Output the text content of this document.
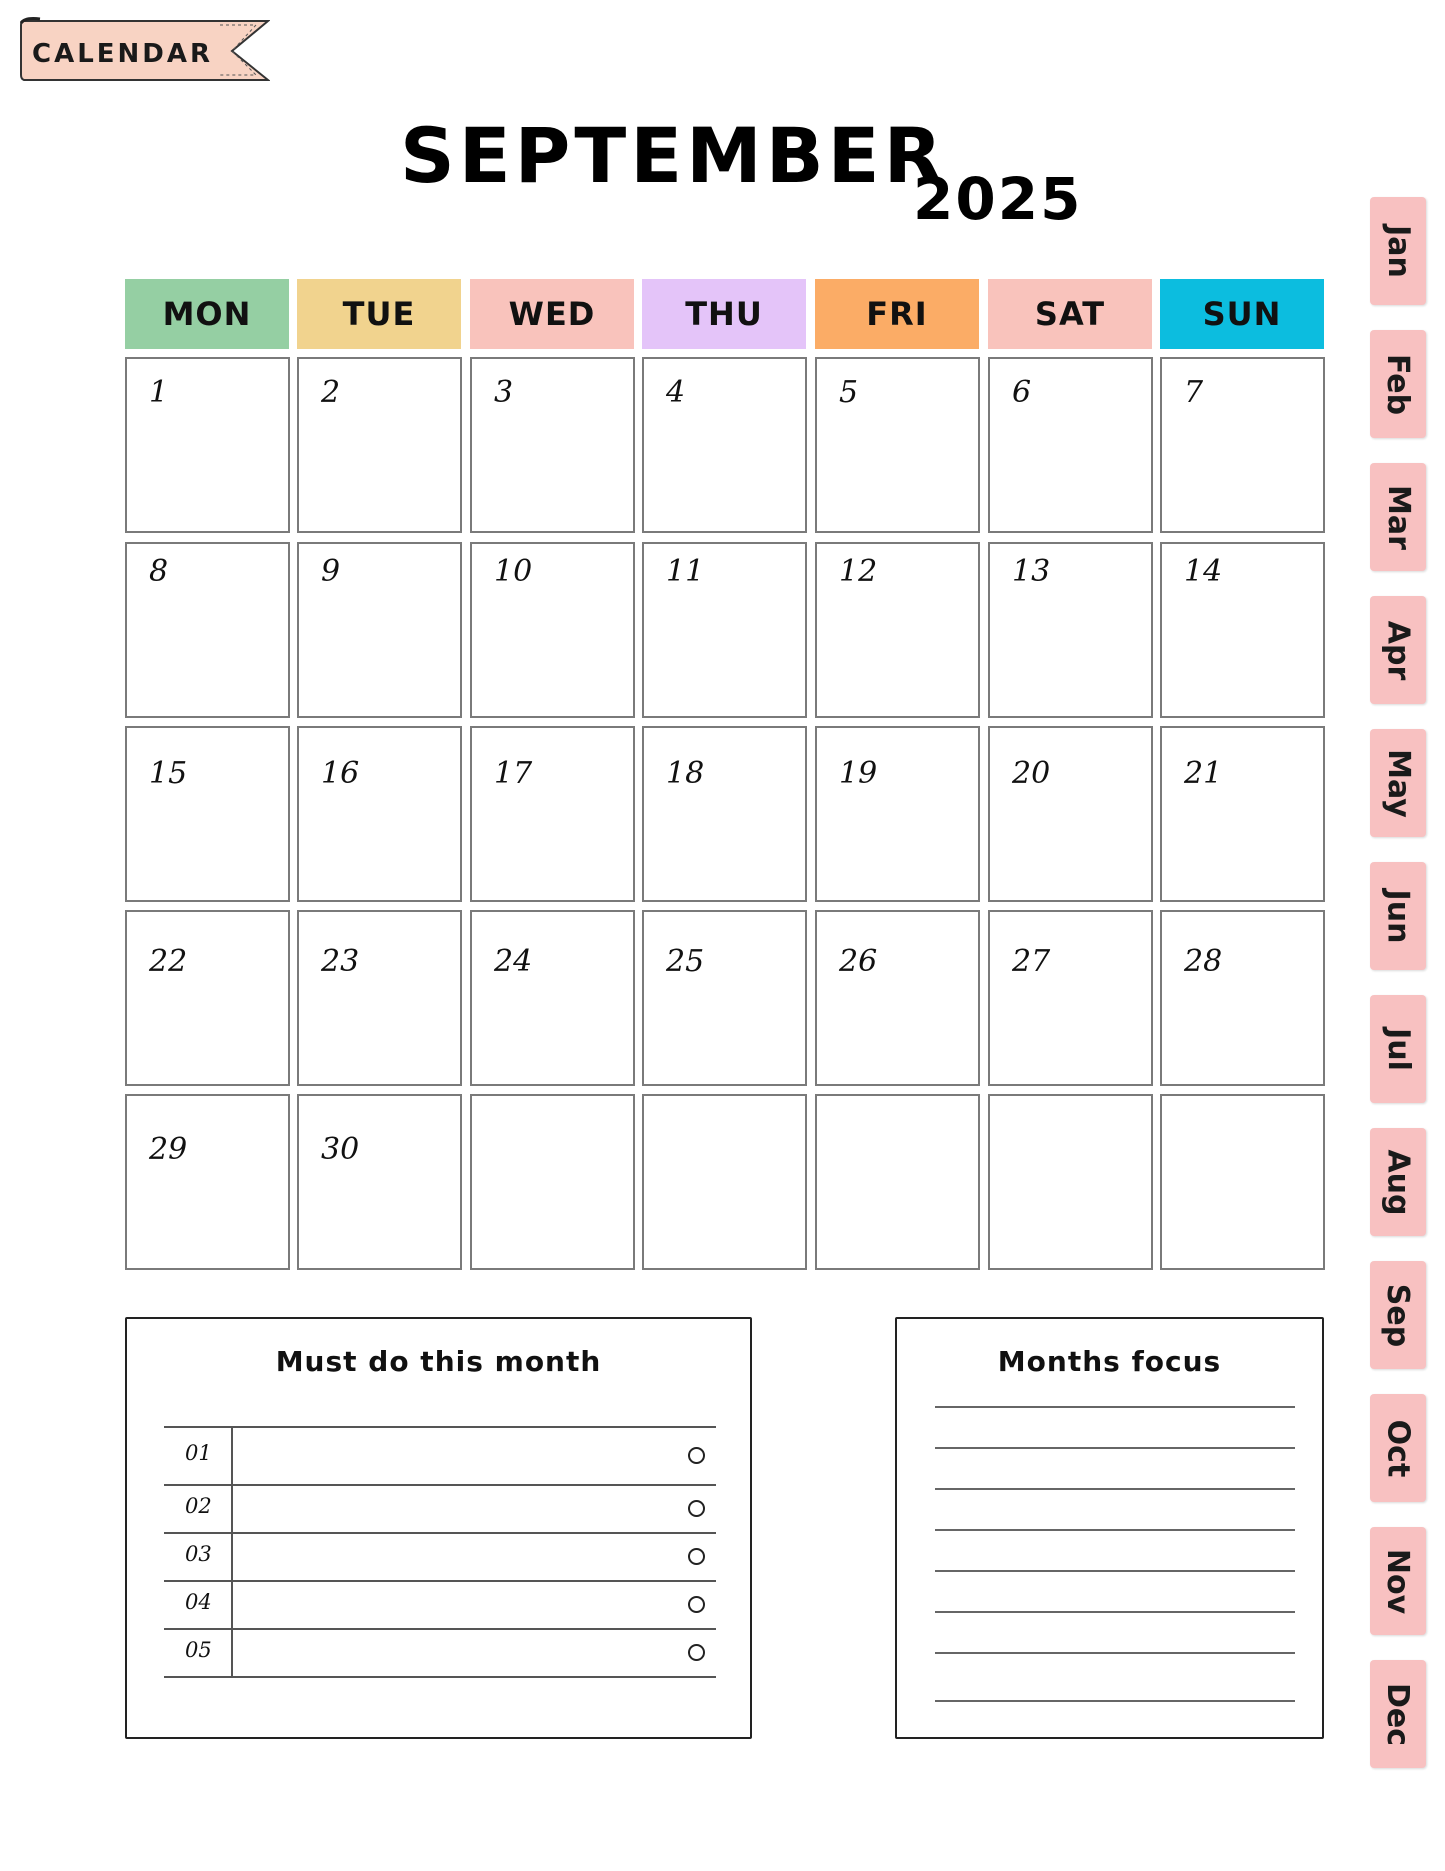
CALENDAR
SEPTEMBER
2025
MON	TUE	WED	THU	FRI	SAT	SUN
1	2	3	4	5	6	7
8	9	10	11	12	13	14
15	16	17	18	19	20	21
22	23	24	25	26	27	28
29	30
Must do this month
01
02
03
04
05
Months focus
Jan
Feb
Mar
Apr
May
Jun
Jul
Aug
Sep
Oct
Nov
Dec
